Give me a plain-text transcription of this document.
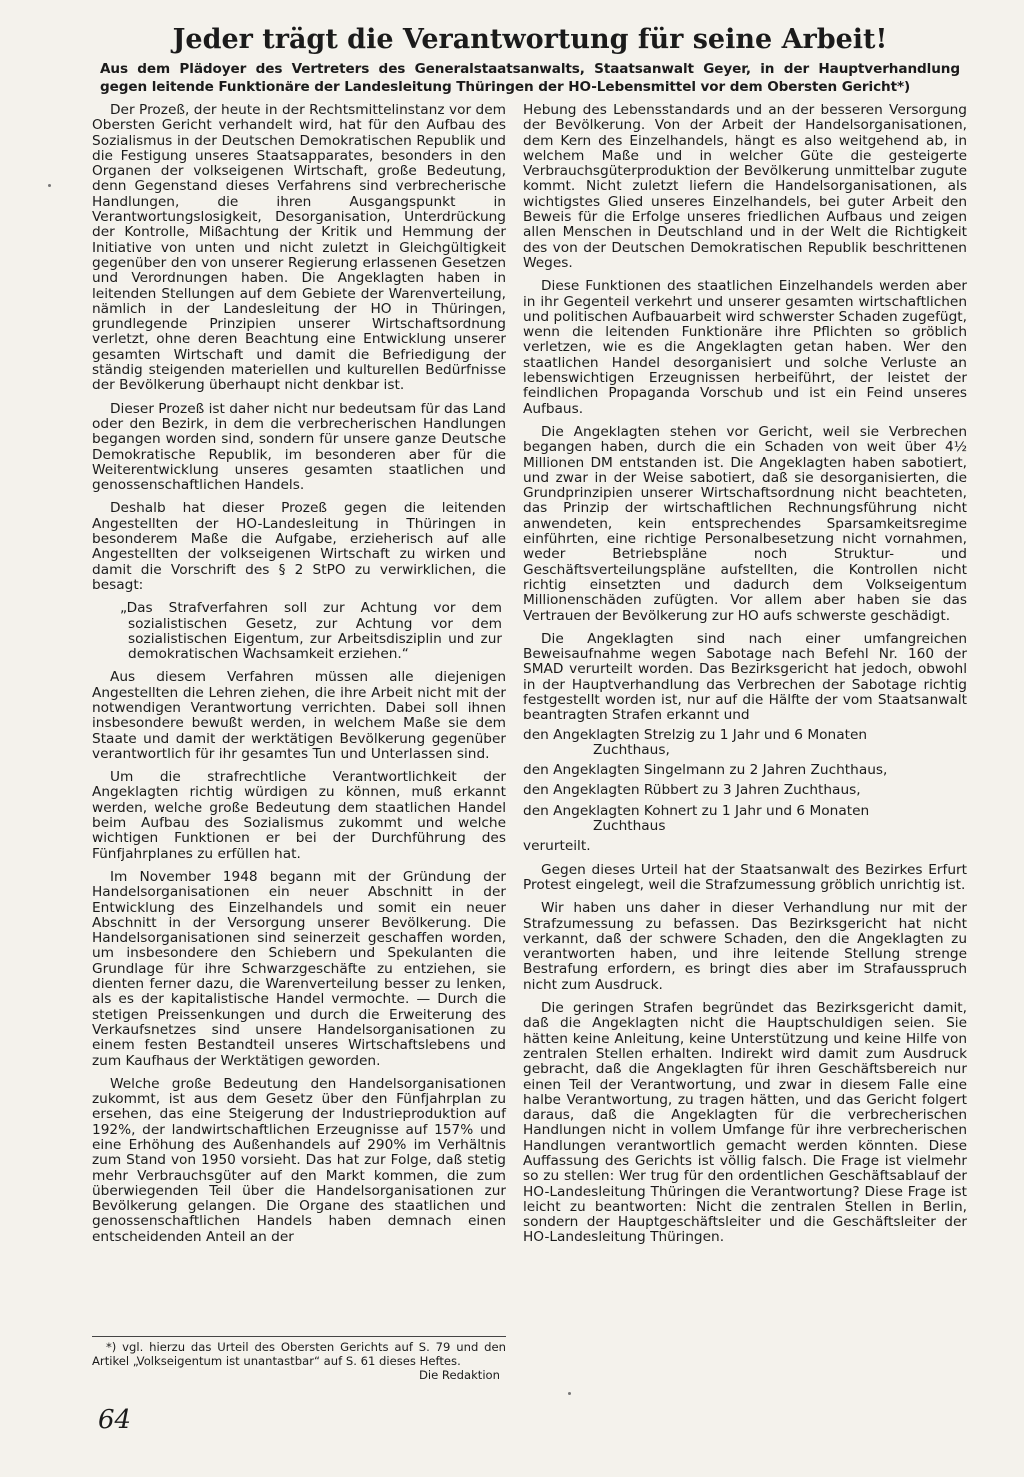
Jeder trägt die Verantwortung für seine Arbeit!
Aus dem Plädoyer des Vertreters des Generalstaatsanwalts, Staatsanwalt Geyer, in der Hauptverhandlung gegen leitende Funktionäre der Landesleitung Thüringen der HO-Lebensmittel vor dem Obersten Gericht*)

Der Prozeß, der heute in der Rechtsmittelinstanz vor dem Obersten Gericht verhandelt wird, hat für den Aufbau des Sozialismus in der Deutschen Demokratischen Republik und die Festigung unseres Staatsapparates, besonders in den Organen der volkseigenen Wirtschaft, große Bedeutung, denn Gegenstand dieses Verfahrens sind verbrecherische Handlungen, die ihren Ausgangspunkt in Verantwortungslosigkeit, Desorganisation, Unterdrückung der Kontrolle, Mißachtung der Kritik und Hemmung der Initiative von unten und nicht zuletzt in Gleichgültigkeit gegenüber den von unserer Regierung erlassenen Gesetzen und Verordnungen haben. Die Angeklagten haben in leitenden Stellungen auf dem Gebiete der Warenverteilung, nämlich in der Landesleitung der HO in Thüringen, grundlegende Prinzipien unserer Wirtschaftsordnung verletzt, ohne deren Beachtung eine Entwicklung unserer gesamten Wirtschaft und damit die Befriedigung der ständig steigenden materiellen und kulturellen Bedürfnisse der Bevölkerung überhaupt nicht denkbar ist.

Dieser Prozeß ist daher nicht nur bedeutsam für das Land oder den Bezirk, in dem die verbrecherischen Handlungen begangen worden sind, sondern für unsere ganze Deutsche Demokratische Republik, im besonderen aber für die Weiterentwicklung unseres gesamten staatlichen und genossenschaftlichen Handels.

Deshalb hat dieser Prozeß gegen die leitenden Angestellten der HO-Landesleitung in Thüringen in besonderem Maße die Aufgabe, erzieherisch auf alle Angestellten der volkseigenen Wirtschaft zu wirken und damit die Vorschrift des § 2 StPO zu verwirklichen, die besagt:

„Das Strafverfahren soll zur Achtung vor dem sozialistischen Gesetz, zur Achtung vor dem sozialistischen Eigentum, zur Arbeitsdisziplin und zur demokratischen Wachsamkeit erziehen.“

Aus diesem Verfahren müssen alle diejenigen Angestellten die Lehren ziehen, die ihre Arbeit nicht mit der notwendigen Verantwortung verrichten. Dabei soll ihnen insbesondere bewußt werden, in welchem Maße sie dem Staate und damit der werktätigen Bevölkerung gegenüber verantwortlich für ihr gesamtes Tun und Unterlassen sind.

Um die strafrechtliche Verantwortlichkeit der Angeklagten richtig würdigen zu können, muß erkannt werden, welche große Bedeutung dem staatlichen Handel beim Aufbau des Sozialismus zukommt und welche wichtigen Funktionen er bei der Durchführung des Fünfjahrplanes zu erfüllen hat.

Im November 1948 begann mit der Gründung der Handelsorganisationen ein neuer Abschnitt in der Entwicklung des Einzelhandels und somit ein neuer Abschnitt in der Versorgung unserer Bevölkerung. Die Handelsorganisationen sind seinerzeit geschaffen worden, um insbesondere den Schiebern und Spekulanten die Grundlage für ihre Schwarzgeschäfte zu entziehen, sie dienten ferner dazu, die Warenverteilung besser zu lenken, als es der kapitalistische Handel vermochte. — Durch die stetigen Preissenkungen und durch die Erweiterung des Verkaufsnetzes sind unsere Handelsorganisationen zu einem festen Bestandteil unseres Wirtschaftslebens und zum Kaufhaus der Werktätigen geworden.

Welche große Bedeutung den Handelsorganisationen zukommt, ist aus dem Gesetz über den Fünfjahrplan zu ersehen, das eine Steigerung der Industrieproduktion auf 192%, der landwirtschaftlichen Erzeugnisse auf 157% und eine Erhöhung des Außenhandels auf 290% im Verhältnis zum Stand von 1950 vorsieht. Das hat zur Folge, daß stetig mehr Verbrauchsgüter auf den Markt kommen, die zum überwiegenden Teil über die Handelsorganisationen zur Bevölkerung gelangen. Die Organe des staatlichen und genossenschaftlichen Handels haben demnach einen entscheidenden Anteil an der

Hebung des Lebensstandards und an der besseren Versorgung der Bevölkerung. Von der Arbeit der Handelsorganisationen, dem Kern des Einzelhandels, hängt es also weitgehend ab, in welchem Maße und in welcher Güte die gesteigerte Verbrauchsgüterproduktion der Bevölkerung unmittelbar zugute kommt. Nicht zuletzt liefern die Handelsorganisationen, als wichtigstes Glied unseres Einzelhandels, bei guter Arbeit den Beweis für die Erfolge unseres friedlichen Aufbaus und zeigen allen Menschen in Deutschland und in der Welt die Richtigkeit des von der Deutschen Demokratischen Republik beschrittenen Weges.

Diese Funktionen des staatlichen Einzelhandels werden aber in ihr Gegenteil verkehrt und unserer gesamten wirtschaftlichen und politischen Aufbauarbeit wird schwerster Schaden zugefügt, wenn die leitenden Funktionäre ihre Pflichten so gröblich verletzen, wie es die Angeklagten getan haben. Wer den staatlichen Handel desorganisiert und solche Verluste an lebenswichtigen Erzeugnissen herbeiführt, der leistet der feindlichen Propaganda Vorschub und ist ein Feind unseres Aufbaus.

Die Angeklagten stehen vor Gericht, weil sie Verbrechen begangen haben, durch die ein Schaden von weit über 4½ Millionen DM entstanden ist. Die Angeklagten haben sabotiert, und zwar in der Weise sabotiert, daß sie desorganisierten, die Grundprinzipien unserer Wirtschaftsordnung nicht beachteten, das Prinzip der wirtschaftlichen Rechnungsführung nicht anwendeten, kein entsprechendes Sparsamkeitsregime einführten, eine richtige Personalbesetzung nicht vornahmen, weder Betriebspläne noch Struktur- und Geschäftsverteilungspläne aufstellten, die Kontrollen nicht richtig einsetzten und dadurch dem Volkseigentum Millionenschäden zufügten. Vor allem aber haben sie das Vertrauen der Bevölkerung zur HO aufs schwerste geschädigt.

Die Angeklagten sind nach einer umfangreichen Beweisaufnahme wegen Sabotage nach Befehl Nr. 160 der SMAD verurteilt worden. Das Bezirksgericht hat jedoch, obwohl in der Hauptverhandlung das Verbrechen der Sabotage richtig festgestellt worden ist, nur auf die Hälfte der vom Staatsanwalt beantragten Strafen erkannt und

den Angeklagten Strelzig zu 1 Jahr und 6 Monaten
Zuchthaus,

den Angeklagten Singelmann zu 2 Jahren Zuchthaus,

den Angeklagten Rübbert zu 3 Jahren Zuchthaus,

den Angeklagten Kohnert zu 1 Jahr und 6 Monaten
Zuchthaus

verurteilt.

Gegen dieses Urteil hat der Staatsanwalt des Bezirkes Erfurt Protest eingelegt, weil die Strafzumessung gröblich unrichtig ist.

Wir haben uns daher in dieser Verhandlung nur mit der Strafzumessung zu befassen. Das Bezirksgericht hat nicht verkannt, daß der schwere Schaden, den die Angeklagten zu verantworten haben, und ihre leitende Stellung strenge Bestrafung erfordern, es bringt dies aber im Strafausspruch nicht zum Ausdruck.

Die geringen Strafen begründet das Bezirksgericht damit, daß die Angeklagten nicht die Hauptschuldigen seien. Sie hätten keine Anleitung, keine Unterstützung und keine Hilfe von zentralen Stellen erhalten. Indirekt wird damit zum Ausdruck gebracht, daß die Angeklagten für ihren Geschäftsbereich nur einen Teil der Verantwortung, und zwar in diesem Falle eine halbe Verantwortung, zu tragen hätten, und das Gericht folgert daraus, daß die Angeklagten für die verbrecherischen Handlungen nicht in vollem Umfange für ihre verbrecherischen Handlungen verantwortlich gemacht werden könnten. Diese Auffassung des Gerichts ist völlig falsch. Die Frage ist vielmehr so zu stellen: Wer trug für den ordentlichen Geschäftsablauf der HO-Landesleitung Thüringen die Verantwortung? Diese Frage ist leicht zu beantworten: Nicht die zentralen Stellen in Berlin, sondern der Hauptgeschäftsleiter und die Geschäftsleiter der HO-Landesleitung Thüringen.

*) vgl. hierzu das Urteil des Obersten Gerichts auf S. 79 und den Artikel „Volkseigentum ist unantastbar“ auf S. 61 dieses Heftes.
Die Redaktion
64
